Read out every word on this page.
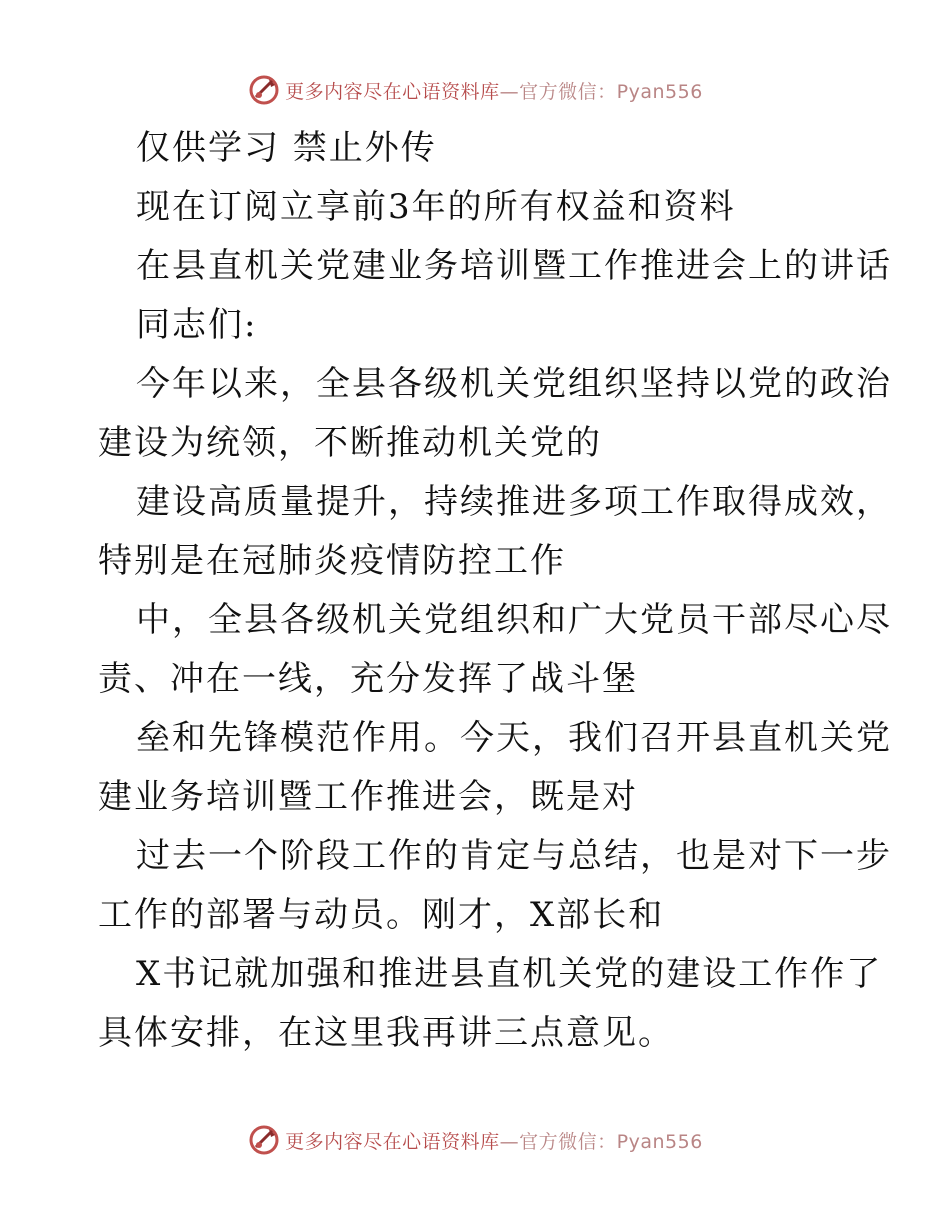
更多内容尽在心语资料库—官方微信：Pyan556
仅供学习 禁止外传
现在订阅立享前3年的所有权益和资料
在县直机关党建业务培训暨工作推进会上的讲话
同志们:
今年以来，全县各级机关党组织坚持以党的政治
建设为统领，不断推动机关党的
建设高质量提升，持续推进多项工作取得成效，
特别是在冠肺炎疫情防控工作
中，全县各级机关党组织和广大党员干部尽心尽
责、冲在一线，充分发挥了战斗堡
垒和先锋模范作用。今天，我们召开县直机关党
建业务培训暨工作推进会，既是对
过去一个阶段工作的肯定与总结，也是对下一步
工作的部署与动员。刚才，X部长和
X书记就加强和推进县直机关党的建设工作作了
具体安排，在这里我再讲三点意见。
更多内容尽在心语资料库—官方微信：Pyan556
